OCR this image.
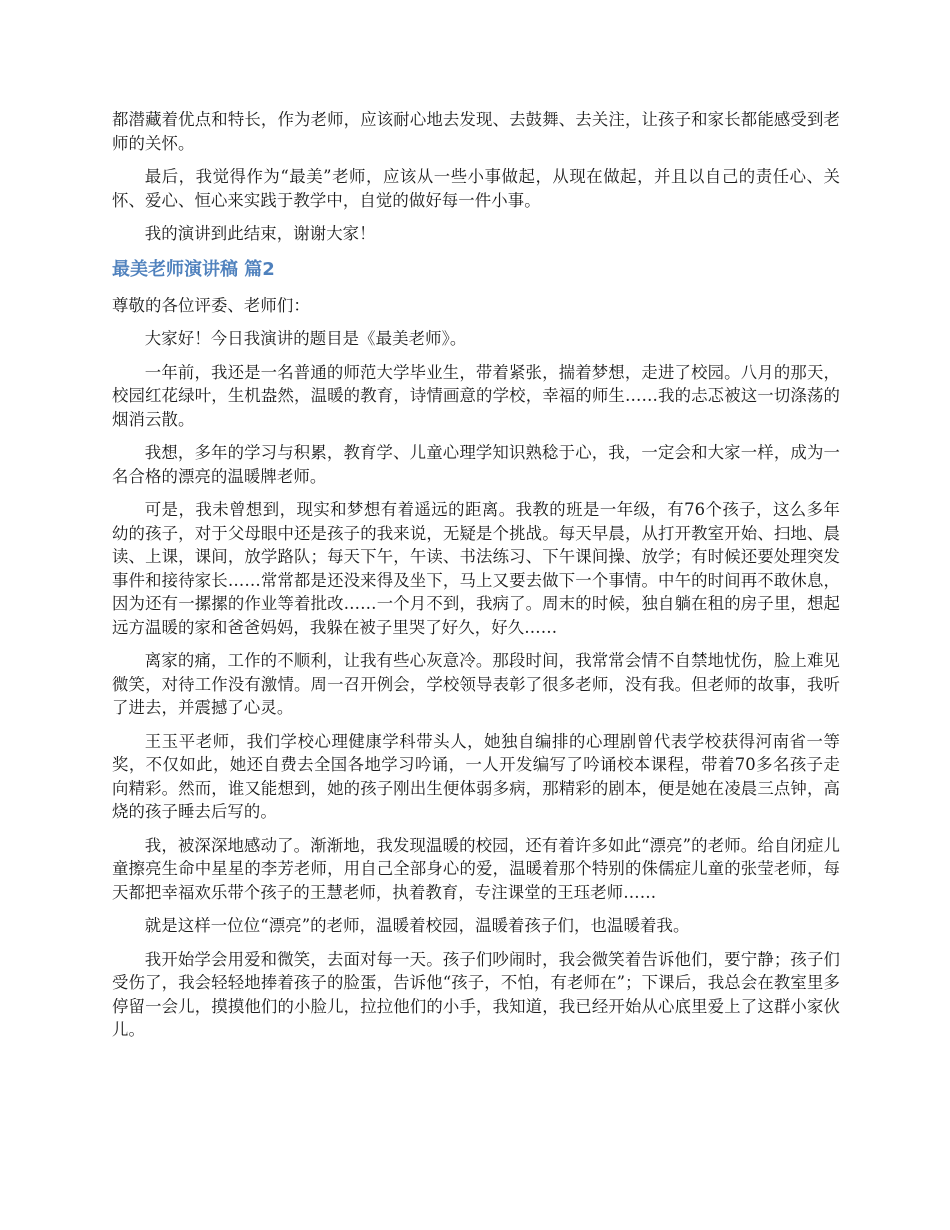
都潜藏着优点和特长，作为老师，应该耐心地去发现、去鼓舞、去关注，让孩子和家长都能感受到老师的关怀。

最后，我觉得作为“最美”老师，应该从一些小事做起，从现在做起，并且以自己的责任心、关怀、爱心、恒心来实践于教学中，自觉的做好每一件小事。

我的演讲到此结束，谢谢大家！

最美老师演讲稿 篇2

尊敬的各位评委、老师们：

大家好！今日我演讲的题目是《最美老师》。

一年前，我还是一名普通的师范大学毕业生，带着紧张，揣着梦想，走进了校园。八月的那天，校园红花绿叶，生机盎然，温暖的教育，诗情画意的学校，幸福的师生……我的忐忑被这一切涤荡的烟消云散。

我想，多年的学习与积累，教育学、儿童心理学知识熟稔于心，我，一定会和大家一样，成为一名合格的漂亮的温暖牌老师。

可是，我未曾想到，现实和梦想有着遥远的距离。我教的班是一年级，有76个孩子，这么多年幼的孩子，对于父母眼中还是孩子的我来说，无疑是个挑战。每天早晨，从打开教室开始、扫地、晨读、上课，课间，放学路队；每天下午，午读、书法练习、下午课间操、放学；有时候还要处理突发事件和接待家长……常常都是还没来得及坐下，马上又要去做下一个事情。中午的时间再不敢休息，因为还有一摞摞的作业等着批改……一个月不到，我病了。周末的时候，独自躺在租的房子里，想起远方温暖的家和爸爸妈妈，我躲在被子里哭了好久，好久……

离家的痛，工作的不顺利，让我有些心灰意冷。那段时间，我常常会情不自禁地忧伤，脸上难见微笑，对待工作没有激情。周一召开例会，学校领导表彰了很多老师，没有我。但老师的故事，我听了进去，并震撼了心灵。

王玉平老师，我们学校心理健康学科带头人，她独自编排的心理剧曾代表学校获得河南省一等奖，不仅如此，她还自费去全国各地学习吟诵，一人开发编写了吟诵校本课程，带着70多名孩子走向精彩。然而，谁又能想到，她的孩子刚出生便体弱多病，那精彩的剧本，便是她在凌晨三点钟，高烧的孩子睡去后写的。

我，被深深地感动了。渐渐地，我发现温暖的校园，还有着许多如此“漂亮”的老师。给自闭症儿童擦亮生命中星星的李芳老师，用自己全部身心的爱，温暖着那个特别的侏儒症儿童的张莹老师，每天都把幸福欢乐带个孩子的王慧老师，执着教育，专注课堂的王珏老师……

就是这样一位位“漂亮”的老师，温暖着校园，温暖着孩子们，也温暖着我。

我开始学会用爱和微笑，去面对每一天。孩子们吵闹时，我会微笑着告诉他们，要宁静；孩子们受伤了，我会轻轻地捧着孩子的脸蛋，告诉他“孩子，不怕，有老师在”；下课后，我总会在教室里多停留一会儿，摸摸他们的小脸儿，拉拉他们的小手，我知道，我已经开始从心底里爱上了这群小家伙儿。
